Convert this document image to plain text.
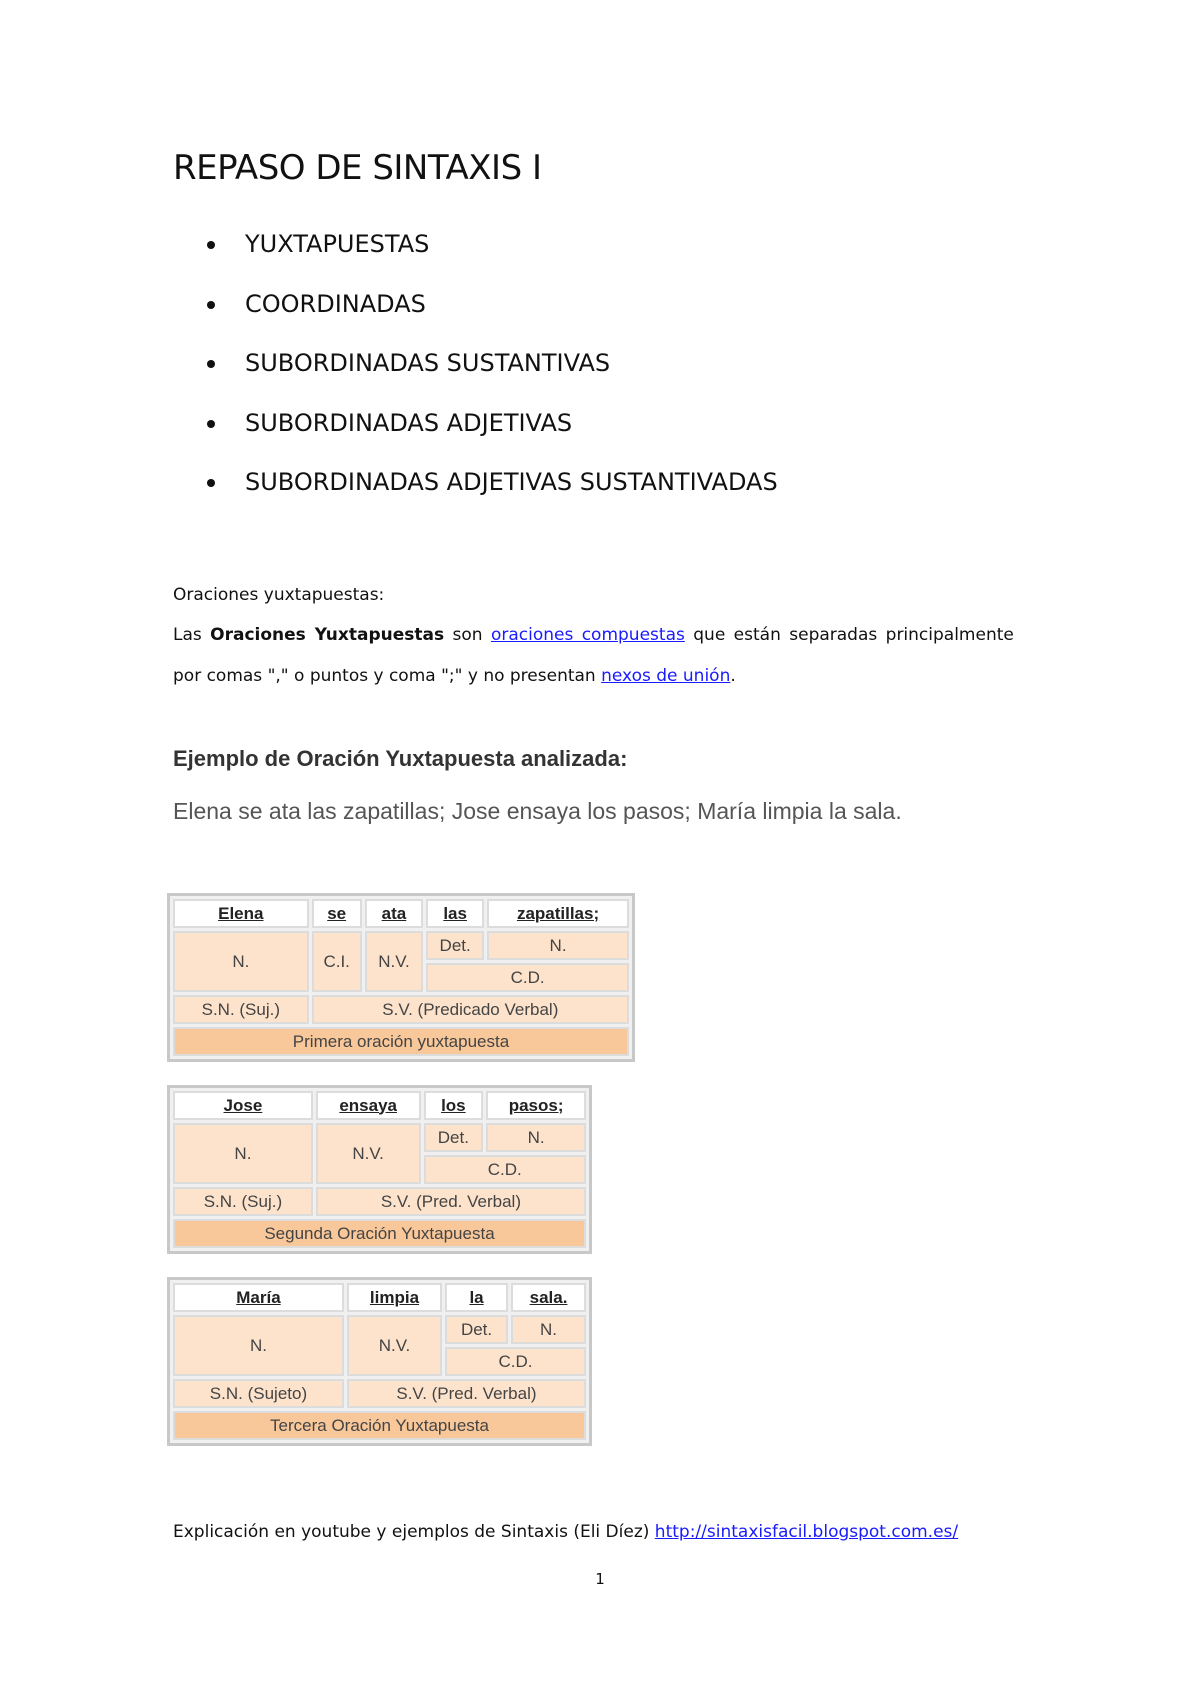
REPASO DE SINTAXIS I
YUXTAPUESTAS
COORDINADAS
SUBORDINADAS SUSTANTIVAS
SUBORDINADAS ADJETIVAS
SUBORDINADAS ADJETIVAS SUSTANTIVADAS
Oraciones yuxtapuestas:
Las Oraciones Yuxtapuestas son oraciones compuestas que están separadas principalmente
por comas "," o puntos y coma ";" y no presentan nexos de unión.
Ejemplo de Oración Yuxtapuesta analizada:
Elena se ata las zapatillas; Jose ensaya los pasos; María limpia la sala.
Elena	se	ata	las	zapatillas;
N.	C.I.	N.V.	Det.	N.
			C.D.	
S.N. (Suj.)	S.V. (Predicado Verbal)			
Primera oración yuxtapuesta				
Jose	ensaya	los	pasos;
N.	N.V.	Det.	N.
		C.D.	
S.N. (Suj.)	S.V. (Pred. Verbal)		
Segunda Oración Yuxtapuesta			
María	limpia	la	sala.
N.	N.V.	Det.	N.
		C.D.	
S.N. (Sujeto)	S.V. (Pred. Verbal)		
Tercera Oración Yuxtapuesta			
Explicación en youtube y ejemplos de Sintaxis (Eli Díez) http://sintaxisfacil.blogspot.com.es/
1
